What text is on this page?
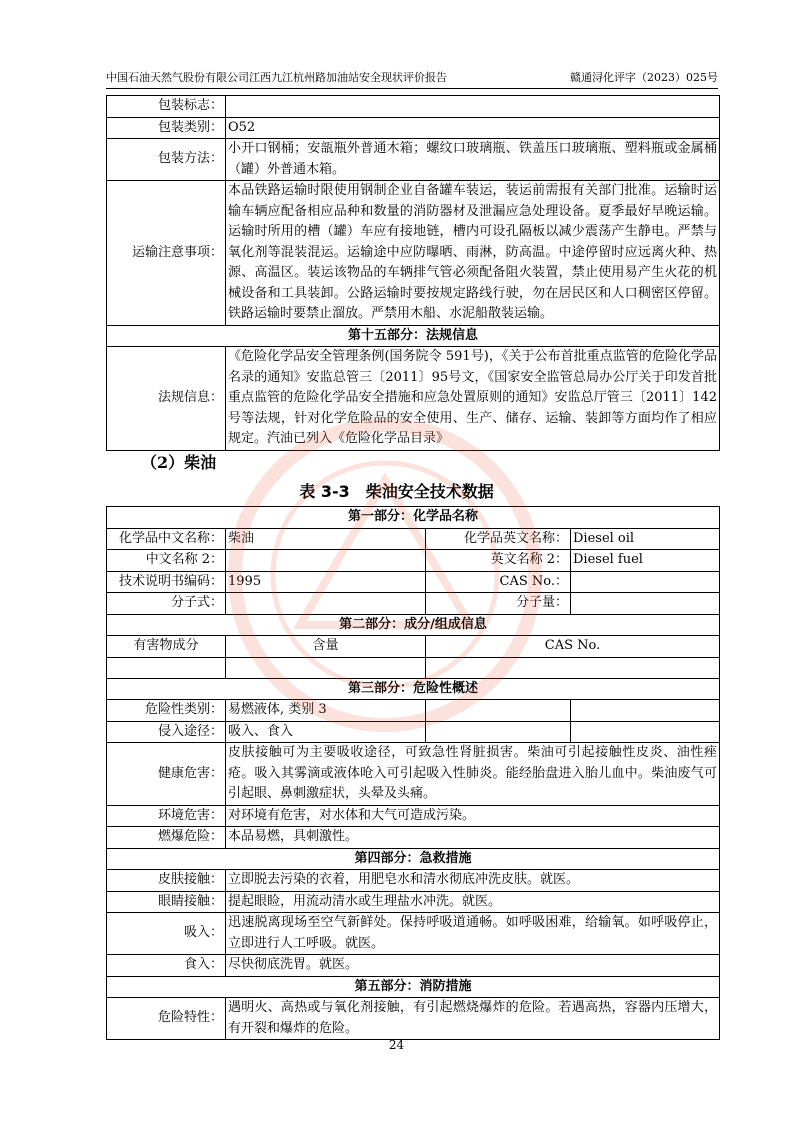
中国石油天然气股份有限公司江西九江杭州路加油站安全现状评价报告	赣通浔化评字（2023）025号
包装标志：	
包装类别：	O52
包装方法：	小开口钢桶；安瓿瓶外普通木箱；螺纹口玻璃瓶、铁盖压口玻璃瓶、塑料瓶或金属桶（罐）外普通木箱。
运输注意事项：	本品铁路运输时限使用钢制企业自备罐车装运，装运前需报有关部门批准。运输时运输车辆应配备相应品种和数量的消防器材及泄漏应急处理设备。夏季最好早晚运输。运输时所用的槽（罐）车应有接地链，槽内可设孔隔板以减少震荡产生静电。严禁与氧化剂等混装混运。运输途中应防曝晒、雨淋，防高温。中途停留时应远离火种、热源、高温区。装运该物品的车辆排气管必须配备阻火装置，禁止使用易产生火花的机械设备和工具装卸。公路运输时要按规定路线行驶，勿在居民区和人口稠密区停留。铁路运输时要禁止溜放。严禁用木船、水泥船散装运输。
第十五部分：法规信息	
法规信息：	《危险化学品安全管理条例(国务院令 591号)，《关于公布首批重点监管的危险化学品名录的通知》安监总管三〔2011〕95号文，《国家安全监管总局办公厅关于印发首批重点监管的危险化学品安全措施和应急处置原则的通知》安监总厅管三〔2011〕142号等法规，针对化学危险品的安全使用、生产、储存、运输、装卸等方面均作了相应规定。汽油已列入《危险化学品目录》
（2）柴油
表 3-3　柴油安全技术数据
第一部分：化学品名称			
化学品中文名称：	柴油	化学品英文名称：	Diesel oil
中文名称 2：		英文名称 2：	Diesel fuel
技术说明书编码：	1995	CAS No.：	
分子式：		分子量：	
第二部分：成分/组成信息			
有害物成分	含量	CAS No.	

第三部分：危险性概述			
危险性类别：	易燃液体, 类别 3		
侵入途径：	吸入、食入		
健康危害：	皮肤接触可为主要吸收途径，可致急性肾脏损害。柴油可引起接触性皮炎、油性痤疮。吸入其雾滴或液体呛入可引起吸入性肺炎。能经胎盘进入胎儿血中。柴油废气可引起眼、鼻刺激症状，头晕及头痛。		
环境危害：	对环境有危害，对水体和大气可造成污染。		
燃爆危险：	本品易燃，具刺激性。		
第四部分：急救措施			
皮肤接触：	立即脱去污染的衣着，用肥皂水和清水彻底冲洗皮肤。就医。		
眼睛接触：	提起眼睑，用流动清水或生理盐水冲洗。就医。		
吸入：	迅速脱离现场至空气新鲜处。保持呼吸道通畅。如呼吸困难，给输氧。如呼吸停止，立即进行人工呼吸。就医。		
食入：	尽快彻底洗胃。就医。		
第五部分：消防措施			
危险特性：	遇明火、高热或与氧化剂接触，有引起燃烧爆炸的危险。若遇高热，容器内压增大，有开裂和爆炸的危险。		
24
